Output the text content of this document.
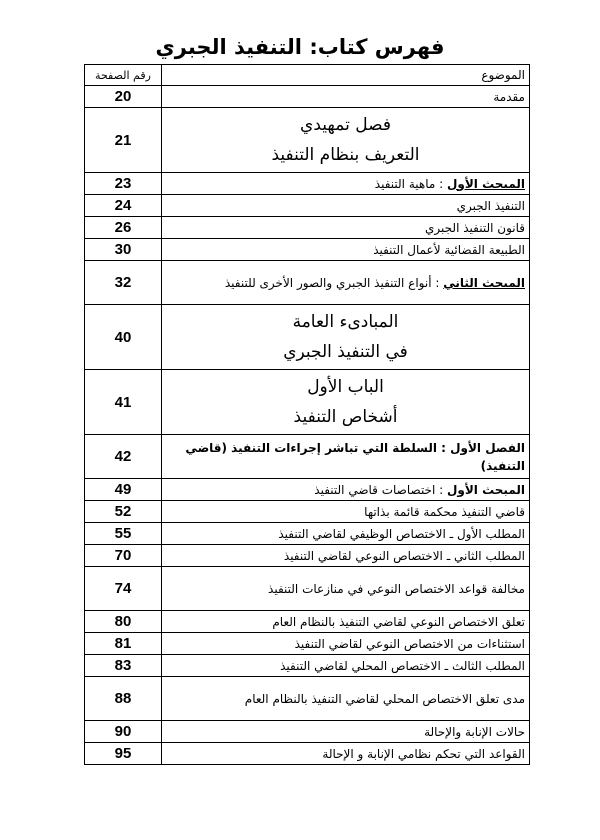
فهرس كتاب: التنفيذ الجبري
الموضوع	رقم الصفحة
مقدمة	20

فصل تمهيدي
التعريف بنظام التنفيذ	21
المبحث الأول : ماهية التنفيذ	23
التنفيذ الجبري	24
قانون التنفيذ الجبري	26
الطبيعة القضائية لأعمال التنفيذ	30
المبحث الثاني : أنواع التنفيذ الجبري والصور الأخرى للتنفيذ	32

المبادىء العامة
في التنفيذ الجبري	40

الباب الأول
أشخاص التنفيذ	41
الفصل الأول : السلطة التي تباشر إجراءات التنفيذ (قاضي التنفيذ)	42
المبحث الأول : اختصاصات قاضي التنفيذ	49
قاضي التنفيذ محكمة قائمة بذاتها	52
المطلب الأول ـ الاختصاص الوظيفي لقاضي التنفيذ	55
المطلب الثاني ـ الاختصاص النوعي لقاضي التنفيذ	70
مخالفة قواعد الاختصاص النوعي في منازعات التنفيذ	74
تعلق الاختصاص النوعي لقاضي التنفيذ بالنظام العام	80
استثناءات من الاختصاص النوعي لقاضي التنفيذ	81
المطلب الثالث ـ الاختصاص المحلي لقاضي التنفيذ	83
مدى تعلق الاختصاص المحلي لقاضي التنفيذ بالنظام العام	88
حالات الإنابة والإحالة	90
القواعد التي تحكم نظامي الإنابة و الإحالة	95
